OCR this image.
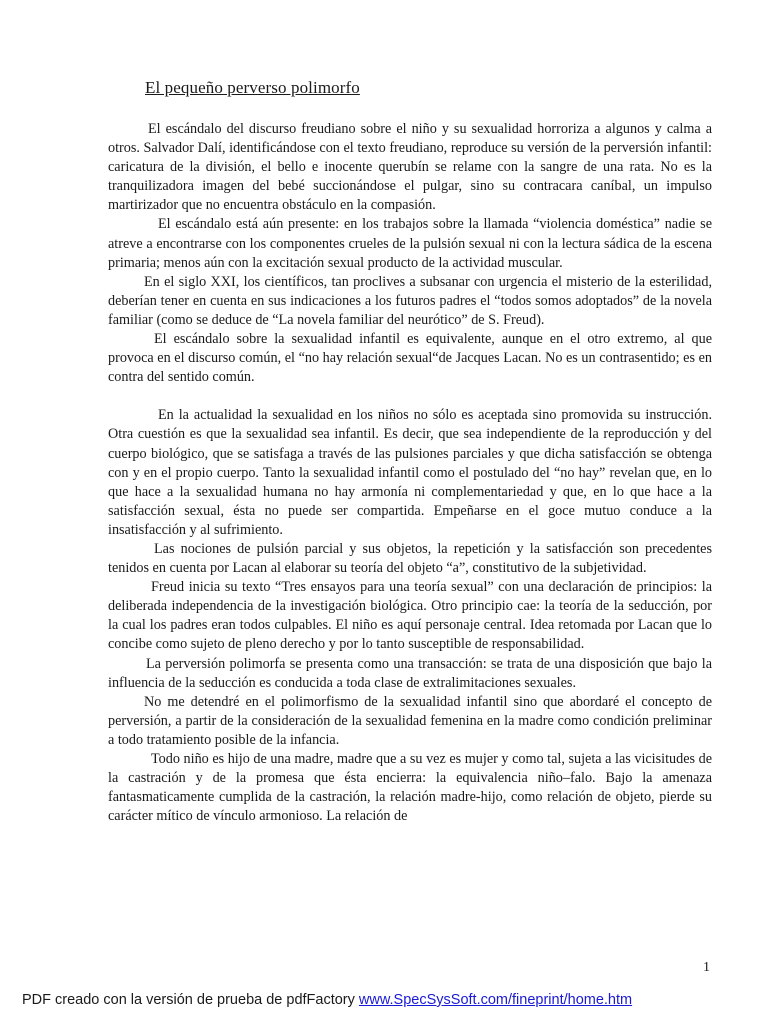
El pequeño perverso polimorfo

El escándalo del discurso freudiano sobre el niño y su sexualidad horroriza a algunos y calma a otros. Salvador Dalí, identificándose con el texto freudiano, reproduce su versión de la perversión infantil: caricatura de la división, el bello e inocente querubín se relame con la sangre de una rata. No es la tranquilizadora imagen del bebé succionándose el pulgar, sino su contracara caníbal, un impulso martirizador que no encuentra obstáculo en la compasión.

El escándalo está aún presente: en los trabajos sobre la llamada “violencia doméstica” nadie se atreve a encontrarse con los componentes crueles de la pulsión sexual ni con la lectura sádica de la escena primaria; menos aún con la excitación sexual producto de la actividad muscular.

En el siglo XXI, los científicos, tan proclives a subsanar con urgencia el misterio de la esterilidad, deberían tener en cuenta en sus indicaciones a los futuros padres el “todos somos adoptados” de la novela familiar (como se deduce de “La novela familiar del neurótico” de S. Freud).

El escándalo sobre la sexualidad infantil es equivalente, aunque en el otro extremo, al que provoca en el discurso común, el “no hay relación sexual“de Jacques Lacan. No es un contrasentido; es en contra del sentido común.

En la actualidad la sexualidad en los niños no sólo es aceptada sino promovida su instrucción. Otra cuestión es que la sexualidad sea infantil. Es decir, que sea independiente de la reproducción y del cuerpo biológico, que se satisfaga a través de las pulsiones parciales y que dicha satisfacción se obtenga con y en el propio cuerpo. Tanto la sexualidad infantil como el postulado del “no hay” revelan que, en lo que hace a la sexualidad humana no hay armonía ni complementariedad y que, en lo que hace a la satisfacción sexual, ésta no puede ser compartida. Empeñarse en el goce mutuo conduce a la insatisfacción y al sufrimiento.

Las nociones de pulsión parcial y sus objetos, la repetición y la satisfacción son precedentes tenidos en cuenta por Lacan al elaborar su teoría del objeto “a”, constitutivo de la subjetividad.

Freud inicia su texto “Tres ensayos para una teoría sexual” con una declaración de principios: la deliberada independencia de la investigación biológica. Otro principio cae: la teoría de la seducción, por la cual los padres eran todos culpables. El niño es aquí personaje central. Idea retomada por Lacan que lo concibe como sujeto de pleno derecho y por lo tanto susceptible de responsabilidad.

La perversión polimorfa se presenta como una transacción: se trata de una disposición que bajo la influencia de la seducción es conducida a toda clase de extralimitaciones sexuales.

No me detendré en el polimorfismo de la sexualidad infantil sino que abordaré el concepto de perversión, a partir de la consideración de la sexualidad femenina en la madre como condición preliminar a todo tratamiento posible de la infancia.

Todo niño es hijo de una madre, madre que a su vez es mujer y como tal, sujeta a las vicisitudes de la castración y de la promesa que ésta encierra: la equivalencia niño–falo. Bajo la amenaza fantasmaticamente cumplida de la castración, la relación madre-hijo, como relación de objeto, pierde su carácter mítico de vínculo armonioso. La relación de

1
PDF creado con la versión de prueba de pdfFactory www.SpecSysSoft.com/fineprint/home.htm
